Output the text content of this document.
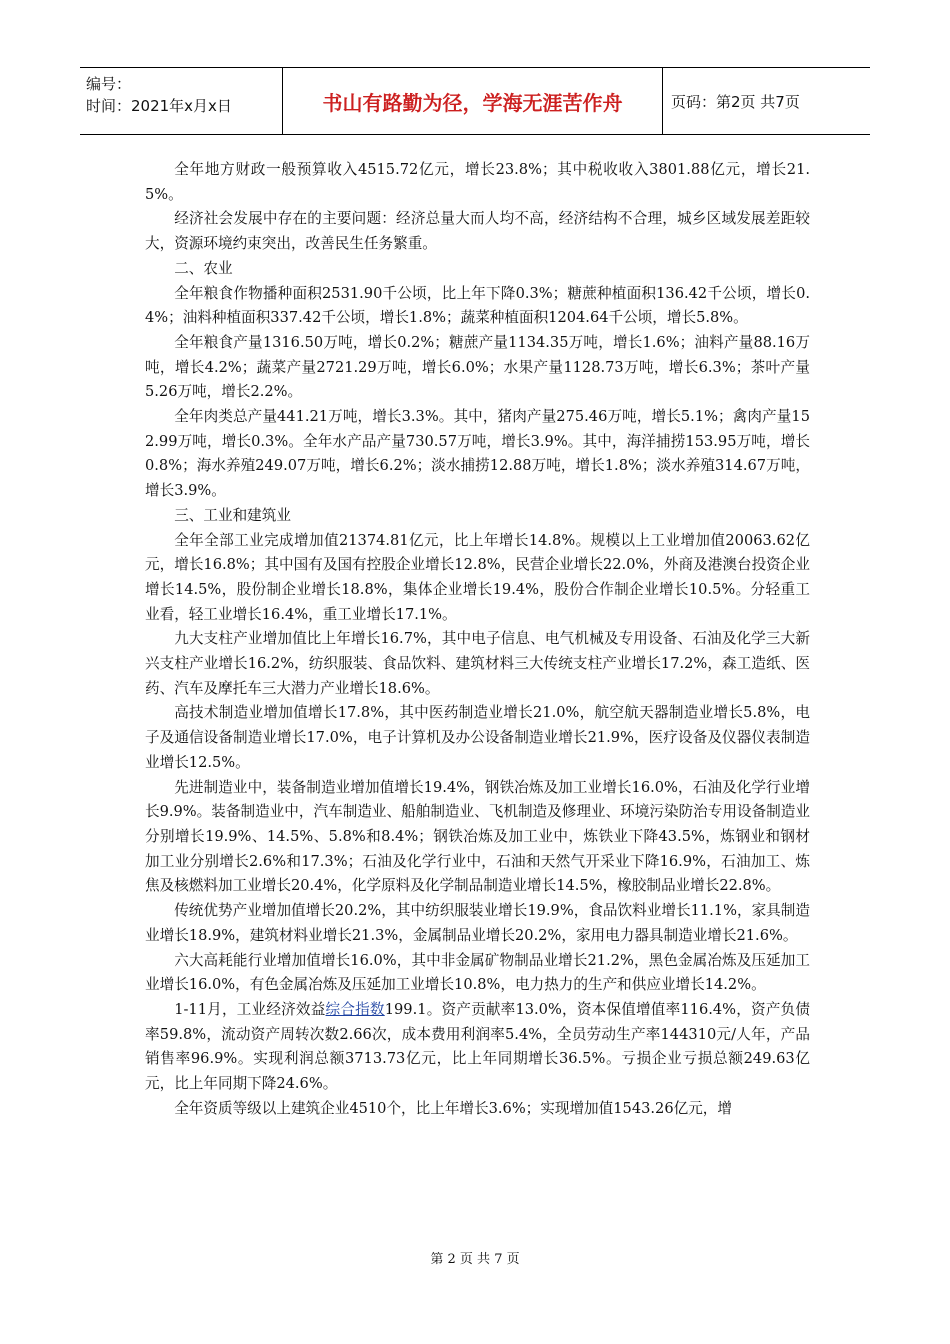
编号：
时间：2021年x月x日	书山有路勤为径，学海无涯苦作舟	页码：第2页 共7页

全年地方财政一般预算收入4515.72亿元，增长23.8%；其中税收收入3801.88亿元，增长21.5%。

经济社会发展中存在的主要问题：经济总量大而人均不高，经济结构不合理，城乡区域发展差距较大，资源环境约束突出，改善民生任务繁重。

二、农业

全年粮食作物播种面积2531.90千公顷，比上年下降0.3%；糖蔗种植面积136.42千公顷，增长0.4%；油料种植面积337.42千公顷，增长1.8%；蔬菜种植面积1204.64千公顷，增长5.8%。

全年粮食产量1316.50万吨，增长0.2%；糖蔗产量1134.35万吨，增长1.6%；油料产量88.16万吨，增长4.2%；蔬菜产量2721.29万吨，增长6.0%；水果产量1128.73万吨，增长6.3%；茶叶产量5.26万吨，增长2.2%。

全年肉类总产量441.21万吨，增长3.3%。其中，猪肉产量275.46万吨，增长5.1%；禽肉产量152.99万吨，增长0.3%。全年水产品产量730.57万吨，增长3.9%。其中，海洋捕捞153.95万吨，增长0.8%；海水养殖249.07万吨，增长6.2%；淡水捕捞12.88万吨，增长1.8%；淡水养殖314.67万吨，增长3.9%。

三、工业和建筑业

全年全部工业完成增加值21374.81亿元，比上年增长14.8%。规模以上工业增加值20063.62亿元，增长16.8%；其中国有及国有控股企业增长12.8%，民营企业增长22.0%，外商及港澳台投资企业增长14.5%，股份制企业增长18.8%，集体企业增长19.4%，股份合作制企业增长10.5%。分轻重工业看，轻工业增长16.4%，重工业增长17.1%。

九大支柱产业增加值比上年增长16.7%，其中电子信息、电气机械及专用设备、石油及化学三大新兴支柱产业增长16.2%，纺织服装、食品饮料、建筑材料三大传统支柱产业增长17.2%，森工造纸、医药、汽车及摩托车三大潜力产业增长18.6%。

高技术制造业增加值增长17.8%，其中医药制造业增长21.0%，航空航天器制造业增长5.8%，电子及通信设备制造业增长17.0%，电子计算机及办公设备制造业增长21.9%，医疗设备及仪器仪表制造业增长12.5%。

先进制造业中，装备制造业增加值增长19.4%，钢铁冶炼及加工业增长16.0%，石油及化学行业增长9.9%。装备制造业中，汽车制造业、船舶制造业、飞机制造及修理业、环境污染防治专用设备制造业分别增长19.9%、14.5%、5.8%和8.4%；钢铁冶炼及加工业中，炼铁业下降43.5%，炼钢业和钢材加工业分别增长2.6%和17.3%；石油及化学行业中，石油和天然气开采业下降16.9%，石油加工、炼焦及核燃料加工业增长20.4%，化学原料及化学制品制造业增长14.5%，橡胶制品业增长22.8%。

传统优势产业增加值增长20.2%，其中纺织服装业增长19.9%，食品饮料业增长11.1%，家具制造业增长18.9%，建筑材料业增长21.3%，金属制品业增长20.2%，家用电力器具制造业增长21.6%。

六大高耗能行业增加值增长16.0%，其中非金属矿物制品业增长21.2%，黑色金属冶炼及压延加工业增长16.0%，有色金属冶炼及压延加工业增长10.8%，电力热力的生产和供应业增长14.2%。

1-11月，工业经济效益综合指数199.1。资产贡献率13.0%，资本保值增值率116.4%，资产负债率59.8%，流动资产周转次数2.66次，成本费用利润率5.4%，全员劳动生产率144310元/人年，产品销售率96.9%。实现利润总额3713.73亿元，比上年同期增长36.5%。亏损企业亏损总额249.63亿元，比上年同期下降24.6%。

全年资质等级以上建筑企业4510个，比上年增长3.6%；实现增加值1543.26亿元，增

第 2 页 共 7 页
